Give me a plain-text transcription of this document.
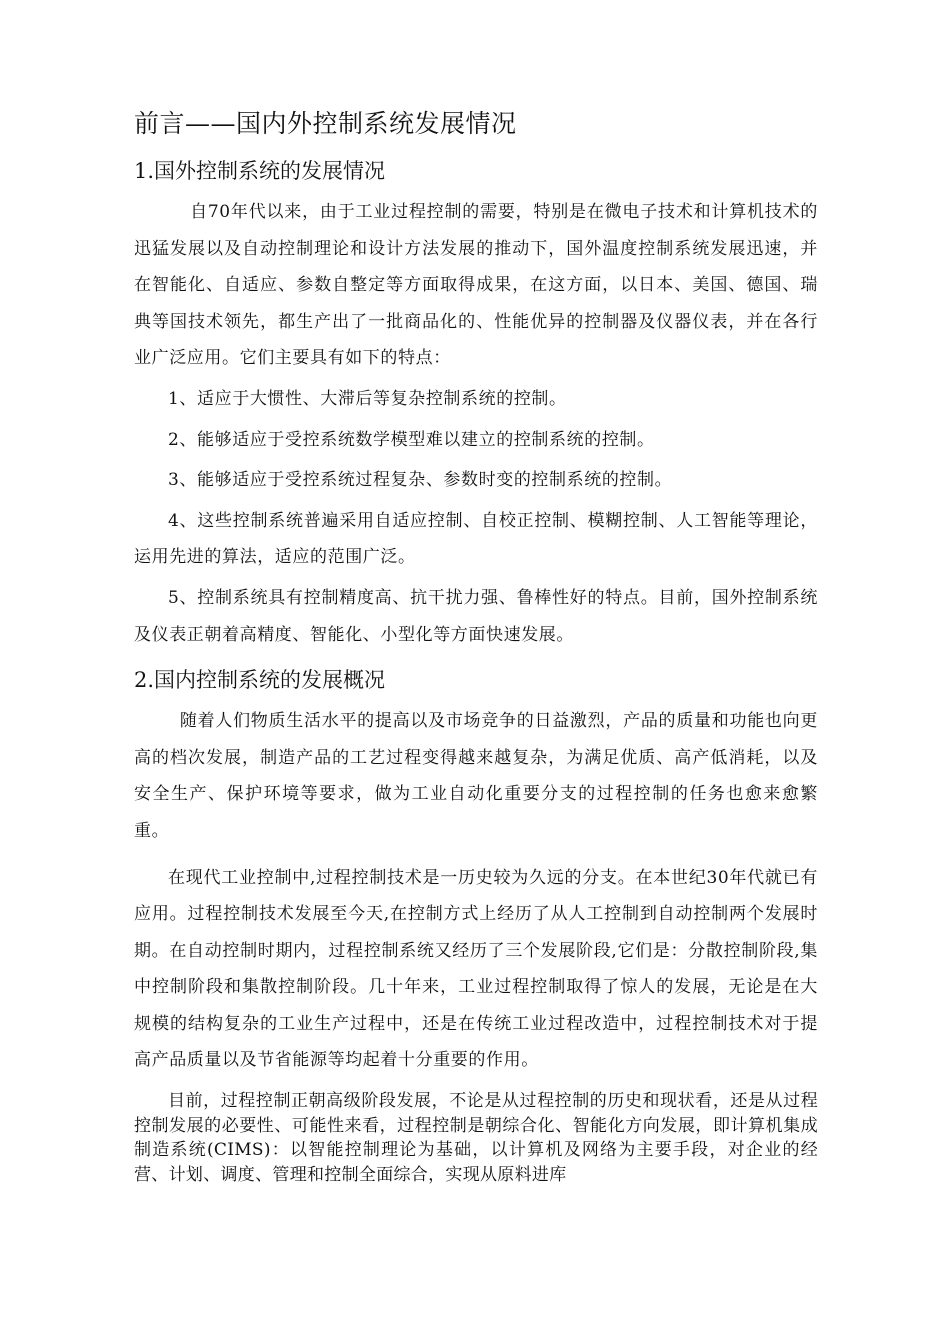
前言——国内外控制系统发展情况
1.国外控制系统的发展情况

自70年代以来，由于工业过程控制的需要，特别是在微电子技术和计算机技术的迅猛发展以及自动控制理论和设计方法发展的推动下，国外温度控制系统发展迅速，并在智能化、自适应、参数自整定等方面取得成果，在这方面，以日本、美国、德国、瑞典等国技术领先，都生产出了一批商品化的、性能优异的控制器及仪器仪表，并在各行业广泛应用。它们主要具有如下的特点：

1、适应于大惯性、大滞后等复杂控制系统的控制。

2、能够适应于受控系统数学模型难以建立的控制系统的控制。

3、能够适应于受控系统过程复杂、参数时变的控制系统的控制。

4、这些控制系统普遍采用自适应控制、自校正控制、模糊控制、人工智能等理论，运用先进的算法，适应的范围广泛。

5、控制系统具有控制精度高、抗干扰力强、鲁棒性好的特点。目前，国外控制系统及仪表正朝着高精度、智能化、小型化等方面快速发展。

2.国内控制系统的发展概况

随着人们物质生活水平的提高以及市场竞争的日益激烈，产品的质量和功能也向更高的档次发展，制造产品的工艺过程变得越来越复杂，为满足优质、高产低消耗，以及安全生产、保护环境等要求，做为工业自动化重要分支的过程控制的任务也愈来愈繁重。

在现代工业控制中,过程控制技术是一历史较为久远的分支。在本世纪30年代就已有应用。过程控制技术发展至今天,在控制方式上经历了从人工控制到自动控制两个发展时期。在自动控制时期内，过程控制系统又经历了三个发展阶段,它们是：分散控制阶段,集中控制阶段和集散控制阶段。几十年来，工业过程控制取得了惊人的发展，无论是在大规模的结构复杂的工业生产过程中，还是在传统工业过程改造中，过程控制技术对于提高产品质量以及节省能源等均起着十分重要的作用。

目前，过程控制正朝高级阶段发展，不论是从过程控制的历史和现状看，还是从过程控制发展的必要性、可能性来看，过程控制是朝综合化、智能化方向发展，即计算机集成制造系统(CIMS)：以智能控制理论为基础，以计算机及网络为主要手段，对企业的经营、计划、调度、管理和控制全面综合，实现从原料进库
